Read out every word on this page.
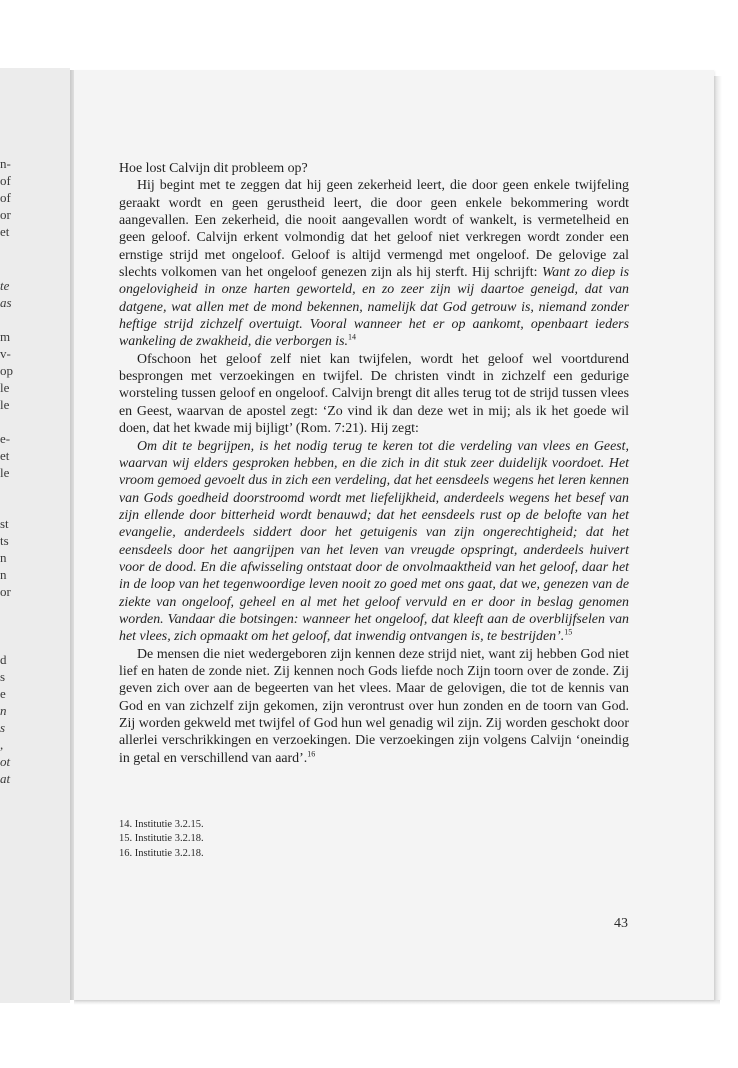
n-
of
of
or
et
te
as
m
v-
op
le
le
e-
et
le
st
ts
n
n
or
d
s
e
n
s
,
ot
at

Hoe lost Calvijn dit probleem op?

Hij begint met te zeggen dat hij geen zekerheid leert, die door geen enkele twijfeling geraakt wordt en geen gerustheid leert, die door geen enkele bekommering wordt aangevallen. Een zekerheid, die nooit aangevallen wordt of wankelt, is vermetelheid en geen geloof. Calvijn erkent volmondig dat het geloof niet verkregen wordt zonder een ernstige strijd met ongeloof. Geloof is altijd vermengd met ongeloof. De gelovige zal slechts volkomen van het ongeloof genezen zijn als hij sterft. Hij schrijft: Want zo diep is ongelovigheid in onze harten geworteld, en zo zeer zijn wij daartoe geneigd, dat van datgene, wat allen met de mond bekennen, namelijk dat God getrouw is, niemand zonder heftige strijd zichzelf overtuigt. Vooral wanneer het er op aankomt, openbaart ieders wankeling de zwakheid, die verborgen is.$^{14}$

Ofschoon het geloof zelf niet kan twijfelen, wordt het geloof wel voortdurend besprongen met verzoekingen en twijfel. De christen vindt in zichzelf een gedurige worsteling tussen geloof en ongeloof. Calvijn brengt dit alles terug tot de strijd tussen vlees en Geest, waarvan de apostel zegt: ‘Zo vind ik dan deze wet in mij; als ik het goede wil doen, dat het kwade mij bijligt’ (Rom. 7:21). Hij zegt:

Om dit te begrijpen, is het nodig terug te keren tot die verdeling van vlees en Geest, waarvan wij elders gesproken hebben, en die zich in dit stuk zeer duidelijk voordoet. Het vroom gemoed gevoelt dus in zich een verdeling, dat het eensdeels wegens het leren kennen van Gods goedheid doorstroomd wordt met liefelijkheid, anderdeels wegens het besef van zijn ellende door bitterheid wordt benauwd; dat het eensdeels rust op de belofte van het evangelie, anderdeels siddert door het getuigenis van zijn ongerechtigheid; dat het eensdeels door het aangrijpen van het leven van vreugde opspringt, anderdeels huivert voor de dood. En die afwisseling ontstaat door de onvolmaaktheid van het geloof, daar het in de loop van het tegenwoordige leven nooit zo goed met ons gaat, dat we, genezen van de ziekte van ongeloof, geheel en al met het geloof vervuld en er door in beslag genomen worden. Vandaar die botsingen: wanneer het ongeloof, dat kleeft aan de overblijfselen van het vlees, zich opmaakt om het geloof, dat inwendig ontvangen is, te bestrijden’.$^{15}$

De mensen die niet wedergeboren zijn kennen deze strijd niet, want zij hebben God niet lief en haten de zonde niet. Zij kennen noch Gods liefde noch Zijn toorn over de zonde. Zij geven zich over aan de begeerten van het vlees. Maar de gelovigen, die tot de kennis van God en van zichzelf zijn gekomen, zijn verontrust over hun zonden en de toorn van God. Zij worden gekweld met twijfel of God hun wel genadig wil zijn. Zij worden geschokt door allerlei verschrikkingen en verzoekingen. Die verzoekingen zijn volgens Calvijn ‘oneindig in getal en verschillend van aard’.$^{16}$

14. Institutie 3.2.15.
15. Institutie 3.2.18.
16. Institutie 3.2.18.
43
